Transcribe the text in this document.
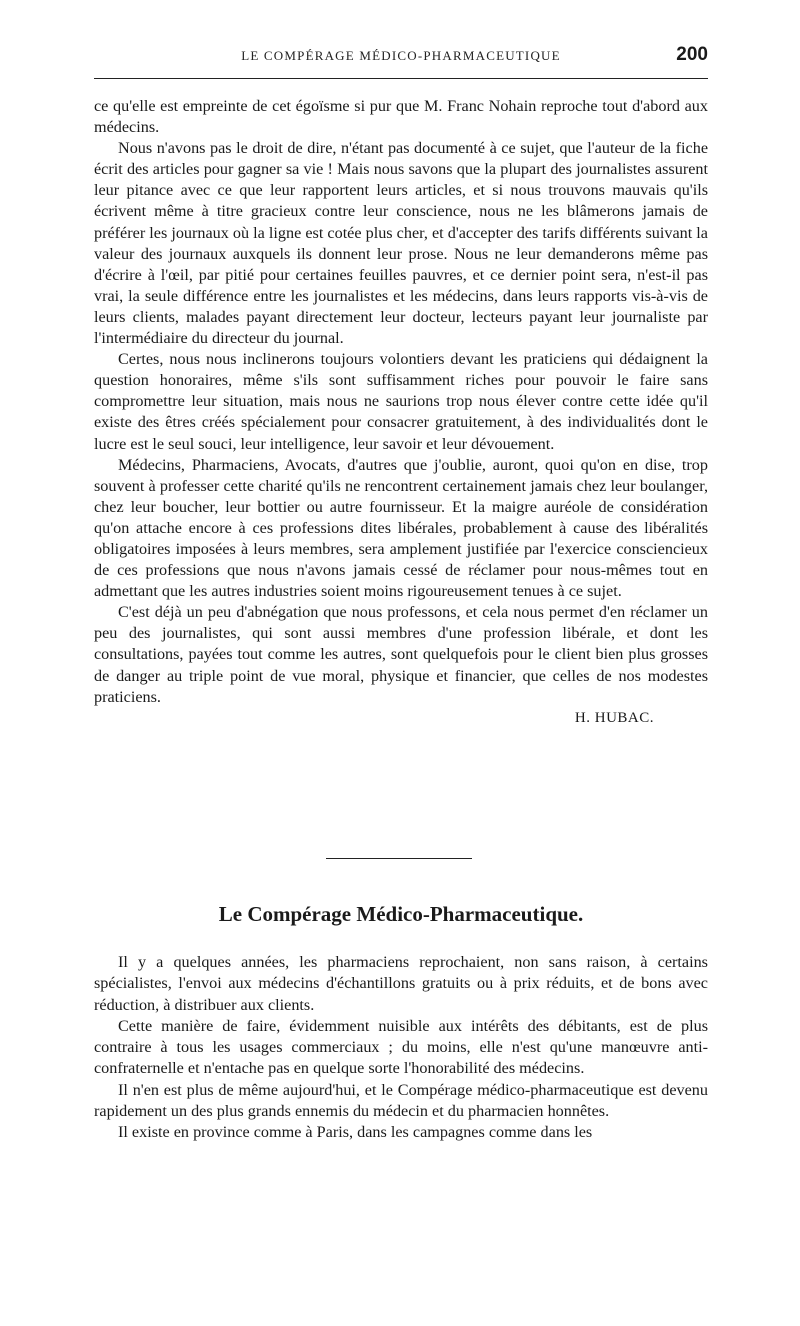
LE COMPÉRAGE MÉDICO-PHARMACEUTIQUE	200

ce qu'elle est empreinte de cet égoïsme si pur que M. Franc Nohain reproche tout d'abord aux médecins.

Nous n'avons pas le droit de dire, n'étant pas documenté à ce sujet, que l'auteur de la fiche écrit des articles pour gagner sa vie ! Mais nous savons que la plupart des journalistes assurent leur pitance avec ce que leur rapportent leurs articles, et si nous trouvons mauvais qu'ils écrivent même à titre gracieux contre leur conscience, nous ne les blâmerons jamais de préférer les journaux où la ligne est cotée plus cher, et d'accepter des tarifs différents suivant la valeur des journaux auxquels ils donnent leur prose. Nous ne leur demanderons même pas d'écrire à l'œil, par pitié pour certaines feuilles pauvres, et ce dernier point sera, n'est-il pas vrai, la seule différence entre les journalistes et les médecins, dans leurs rapports vis-à-vis de leurs clients, malades payant directement leur docteur, lecteurs payant leur journaliste par l'intermédiaire du directeur du journal.

Certes, nous nous inclinerons toujours volontiers devant les praticiens qui dédaignent la question honoraires, même s'ils sont suffisamment riches pour pouvoir le faire sans compromettre leur situation, mais nous ne saurions trop nous élever contre cette idée qu'il existe des êtres créés spécialement pour consacrer gratuitement, à des individualités dont le lucre est le seul souci, leur intelligence, leur savoir et leur dévouement.

Médecins, Pharmaciens, Avocats, d'autres que j'oublie, auront, quoi qu'on en dise, trop souvent à professer cette charité qu'ils ne rencontrent certainement jamais chez leur boulanger, chez leur boucher, leur bottier ou autre fournisseur. Et la maigre auréole de considération qu'on attache encore à ces professions dites libérales, probablement à cause des libéralités obligatoires imposées à leurs membres, sera amplement justifiée par l'exercice consciencieux de ces professions que nous n'avons jamais cessé de réclamer pour nous-mêmes tout en admettant que les autres industries soient moins rigoureusement tenues à ce sujet.

C'est déjà un peu d'abnégation que nous professons, et cela nous permet d'en réclamer un peu des journalistes, qui sont aussi membres d'une profession libérale, et dont les consultations, payées tout comme les autres, sont quelquefois pour le client bien plus grosses de danger au triple point de vue moral, physique et financier, que celles de nos modestes praticiens.

H. HUBAC.

Le Compérage Médico-Pharmaceutique.

Il y a quelques années, les pharmaciens reprochaient, non sans raison, à certains spécialistes, l'envoi aux médecins d'échantillons gratuits ou à prix réduits, et de bons avec réduction, à distribuer aux clients.

Cette manière de faire, évidemment nuisible aux intérêts des débitants, est de plus contraire à tous les usages commerciaux ; du moins, elle n'est qu'une manœuvre anti-confraternelle et n'entache pas en quelque sorte l'honorabilité des médecins.

Il n'en est plus de même aujourd'hui, et le Compérage médico-pharmaceutique est devenu rapidement un des plus grands ennemis du médecin et du pharmacien honnêtes.

Il existe en province comme à Paris, dans les campagnes comme dans les
